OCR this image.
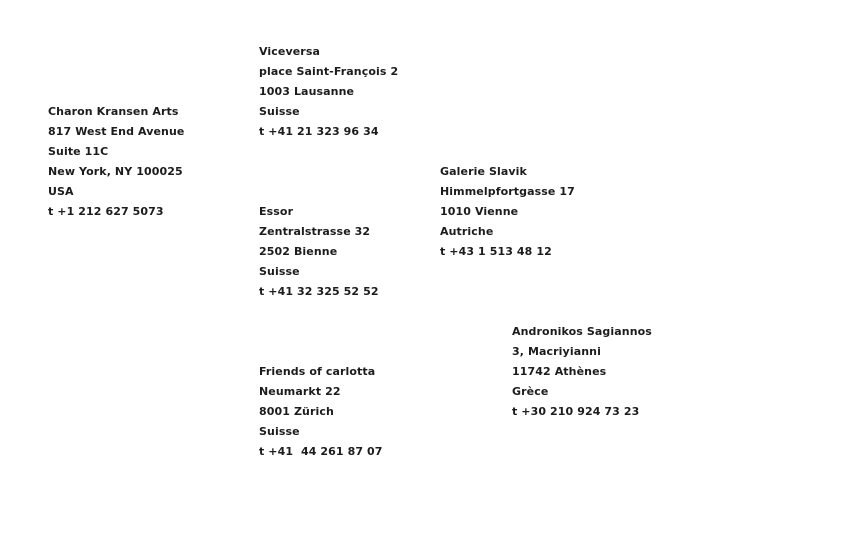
Viceversa
place Saint-François 2
1003 Lausanne
Suisse
t +41 21 323 96 34
Charon Kransen Arts
817 West End Avenue
Suite 11C
New York, NY 100025
USA
t +1 212 627 5073
Galerie Slavik
Himmelpfortgasse 17
1010 Vienne
Autriche
t +43 1 513 48 12
Essor
Zentralstrasse 32
2502 Bienne
Suisse
t +41 32 325 52 52
Andronikos Sagiannos
3, Macriyianni
11742 Athènes
Grèce
t +30 210 924 73 23
Friends of carlotta
Neumarkt 22
8001 Zürich
Suisse
t +41  44 261 87 07
